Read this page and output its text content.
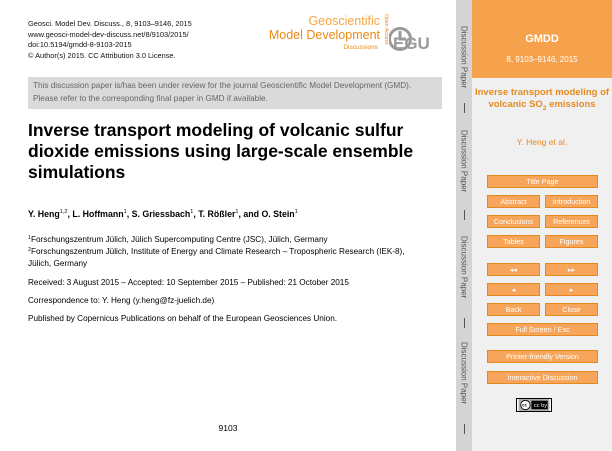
Geosci. Model Dev. Discuss., 8, 9103–9146, 2015
www.geosci-model-dev-discuss.net/8/9103/2015/
doi:10.5194/gmdd-8-9103-2015
© Author(s) 2015. CC Attribution 3.0 License.
Geoscientific
Model Development
Discussions
Open Access EGU
This discussion paper is/has been under review for the journal Geoscientific Model Development (GMD). Please refer to the corresponding final paper in GMD if available.
Inverse transport modeling of volcanic sulfur dioxide emissions using large-scale ensemble simulations
Y. Heng$^{1,2}$, L. Hoffmann$^1$, S. Griessbach$^1$, T. Rößler$^1$, and O. Stein$^1$
$^1$Forschungszentrum Jülich, Jülich Supercomputing Centre (JSC), Jülich, Germany
$^2$Forschungszentrum Jülich, Institute of Energy and Climate Research – Tropospheric Research (IEK-8), Jülich, Germany
Received: 3 August 2015 – Accepted: 10 September 2015 – Published: 21 October 2015
Correspondence to: Y. Heng (y.heng@fz-juelich.de)
Published by Copernicus Publications on behalf of the European Geosciences Union.
9103
Discussion Paper
Discussion Paper
Discussion Paper
Discussion Paper
GMDD
8, 9103–9146, 2015
Inverse transport modeling of volcanic $SO_2$ emissions
Y. Heng et al.
Title Page
Abstract	Introduction
Conclusions	References
Tables	Figures
◂◂	▸▸
◂	▸
Back	Close
Full Screen / Esc
Printer-friendly Version
Interactive Discussion
cc cc by
